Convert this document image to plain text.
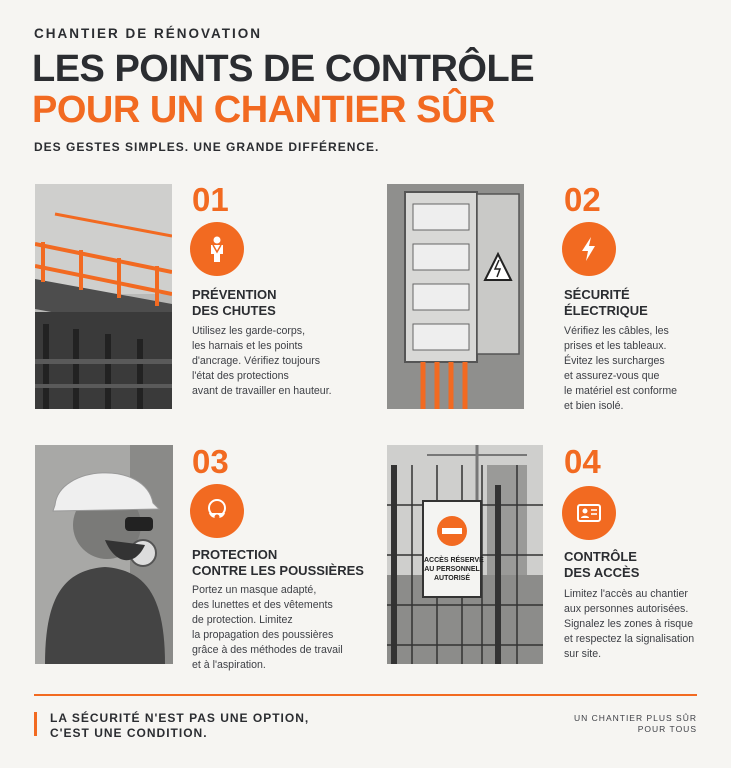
CHANTIER DE RÉNOVATION
LES POINTS DE CONTRÔLE
POUR UN CHANTIER SÛR
DES GESTES SIMPLES. UNE GRANDE DIFFÉRENCE.
01
PRÉVENTION
DES CHUTES
Utilisez les garde-corps,
les harnais et les points
d'ancrage. Vérifiez toujours
l'état des protections
avant de travailler en hauteur.
02
SÉCURITÉ
ÉLECTRIQUE
Vérifiez les câbles, les
prises et les tableaux.
Évitez les surcharges
et assurez-vous que
le matériel est conforme
et bien isolé.
03
PROTECTION
CONTRE LES POUSSIÈRES
Portez un masque adapté,
des lunettes et des vêtements
de protection. Limitez
la propagation des poussières
grâce à des méthodes de travail
et à l'aspiration.
ACCÈS RÉSERVÉ
AU PERSONNEL
AUTORISÉ
04
CONTRÔLE
DES ACCÈS
Limitez l'accès au chantier
aux personnes autorisées.
Signalez les zones à risque
et respectez la signalisation
sur site.
LA SÉCURITÉ N'EST PAS UNE OPTION,
C'EST UNE CONDITION.
UN CHANTIER PLUS SÛR
POUR TOUS
